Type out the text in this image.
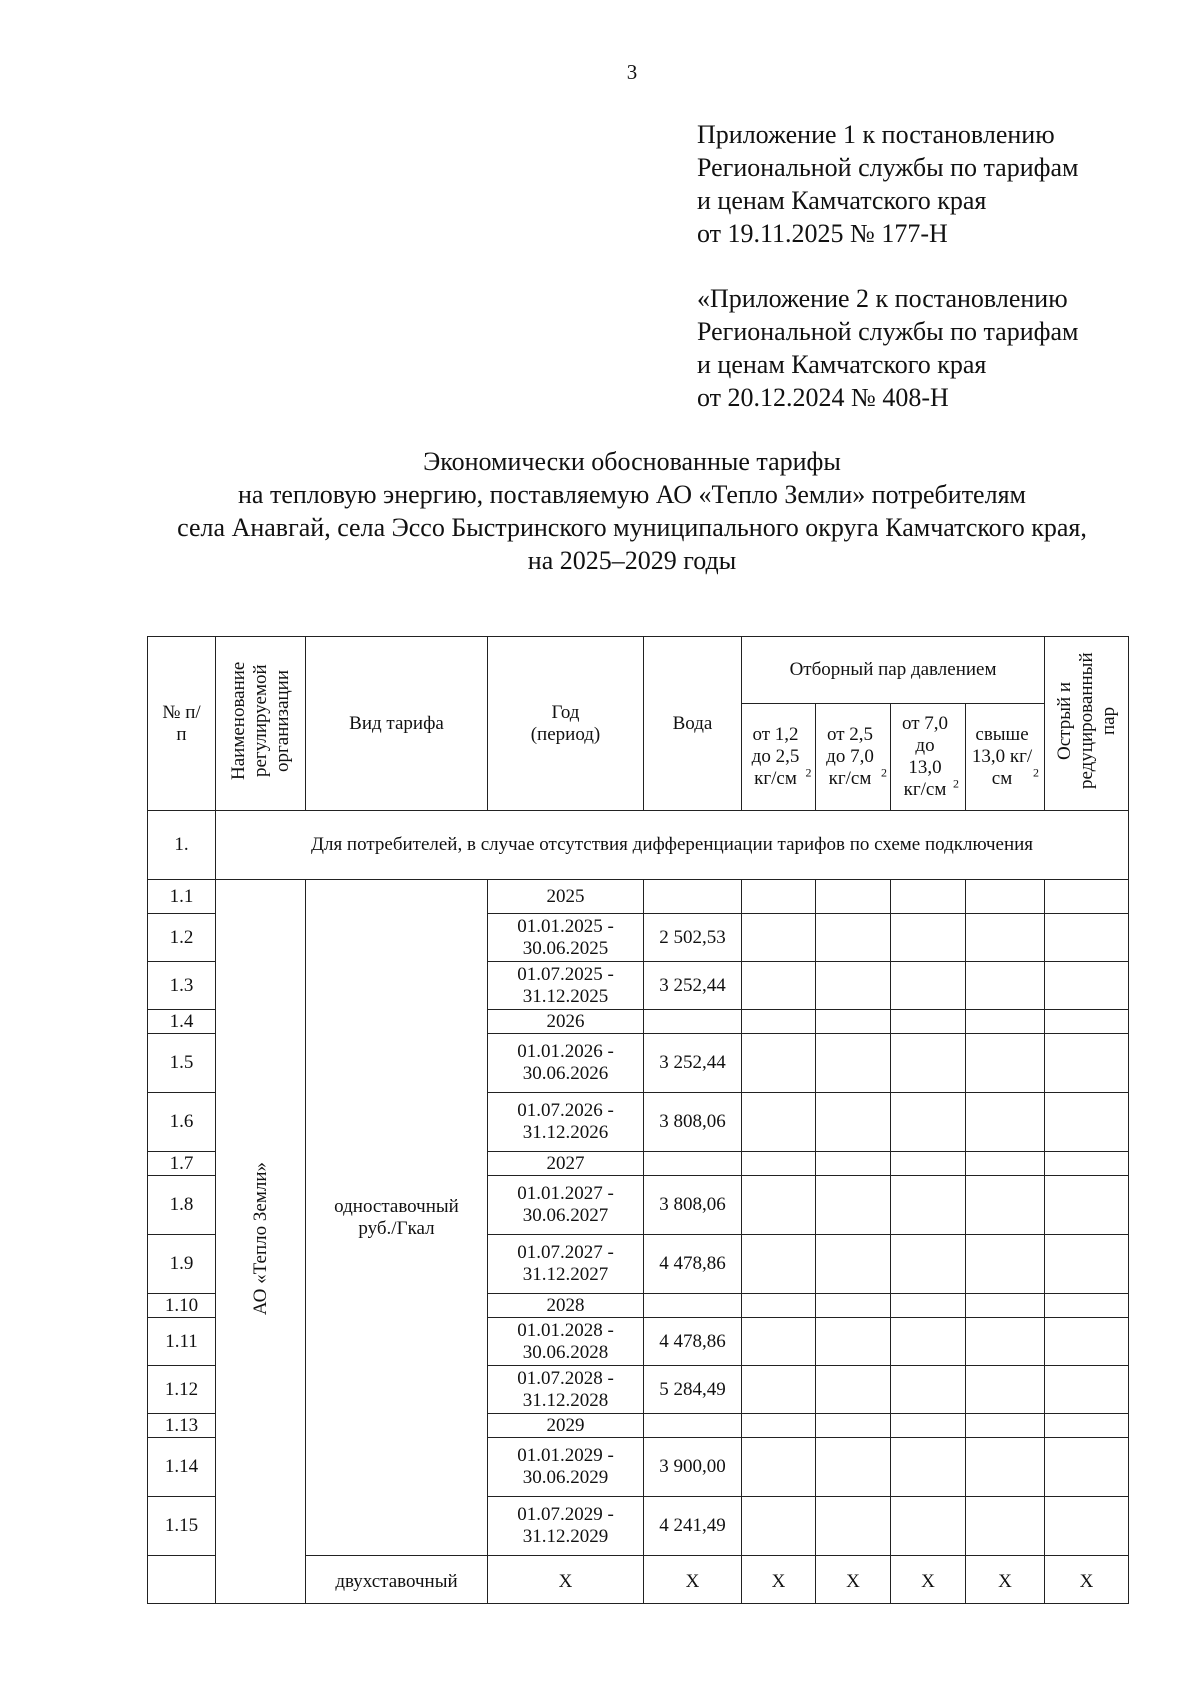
3
Приложение 1 к постановлению
Региональной службы по тарифам
и ценам Камчатского края
от 19.11.2025 № 177-Н
«Приложение 2 к постановлению
Региональной службы по тарифам
и ценам Камчатского края
от 20.12.2024 № 408-Н
Экономически обоснованные тарифы
на тепловую энергию, поставляемую АО «Тепло Земли» потребителям
села Анавгай, села Эссо Быстринского муниципального округа Камчатского края,
на 2025–2029 годы
№ п/п	Наименование регулируемой организации	Вид тарифа	Год (период)	Вода	Отборный пар давлением				Острый и редуцированный пар
					от 1,2 до 2,5 кг/см $^2$	от 2,5 до 7,0 кг/см $^2$	от 7,0 до 13,0 кг/см $^2$	свыше 13,0 кг/см $^2$
1.	Для потребителей, в случае отсутствия дифференциации тарифов по схеме подключения								
1.1	АО «Тепло Земли»	одноставочный руб./Гкал	2025						
1.2			01.01.2025 - 30.06.2025	2 502,53					
1.3			01.07.2025 - 31.12.2025	3 252,44					
1.4			2026						
1.5			01.01.2026 - 30.06.2026	3 252,44					
1.6			01.07.2026 - 31.12.2026	3 808,06					
1.7			2027						
1.8			01.01.2027 - 30.06.2027	3 808,06					
1.9			01.07.2027 - 31.12.2027	4 478,86					
1.10			2028						
1.11			01.01.2028 - 30.06.2028	4 478,86					
1.12			01.07.2028 - 31.12.2028	5 284,49					
1.13			2029						
1.14			01.01.2029 - 30.06.2029	3 900,00					
1.15			01.07.2029 - 31.12.2029	4 241,49					
		двухставочный	X	X	X	X	X	X	X
